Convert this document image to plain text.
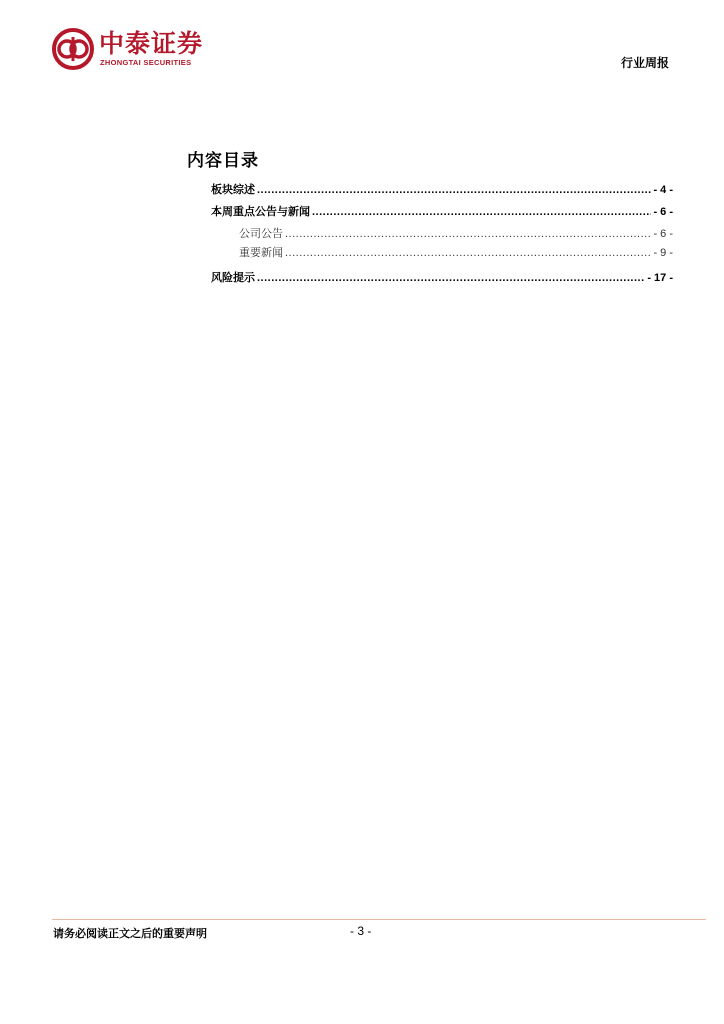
中泰证券
ZHONGTAI SECURITIES	行业周报
内容目录
板块综述 .....	- 4 -
本周重点公告与新闻 .....	- 6 -
公司公告 .....	- 6 -
重要新闻 .....	- 9 -
风险提示 .....	- 17 -
请务必阅读正文之后的重要声明	- 3 -
